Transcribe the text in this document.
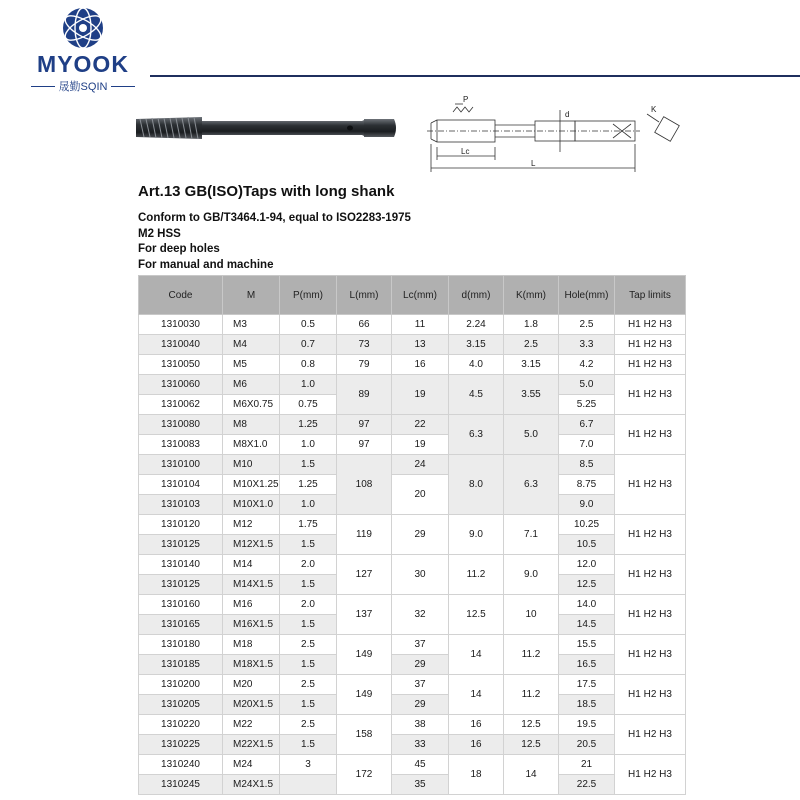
MYOOK
晟勤SQIN
P
d
K
Lc
L
Art.13 GB(ISO)Taps with long shank
Conform to GB/T3464.1-94, equal to ISO2283-1975
M2 HSS
For deep holes
For manual and machine
Code	M	P(mm)	L(mm)	Lc(mm)	d(mm)	K(mm)	Hole(mm)	Tap limits
1310030	M3	0.5	66	11	2.24	1.8	2.5	H1 H2 H3
1310040	M4	0.7	73	13	3.15	2.5	3.3	H1 H2 H3
1310050	M5	0.8	79	16	4.0	3.15	4.2	H1 H2 H3
1310060	M6	1.0	89	19	4.5	3.55	5.0	H1 H2 H3
1310062	M6X0.75	0.75					5.25	
1310080	M8	1.25	97	22	6.3	5.0	6.7	H1 H2 H3
1310083	M8X1.0	1.0	97	19			7.0	
1310100	M10	1.5	108	24	8.0	6.3	8.5	H1 H2 H3
1310104	M10X1.25	1.25		20			8.75	
1310103	M10X1.0	1.0					9.0	
1310120	M12	1.75	119	29	9.0	7.1	10.25	H1 H2 H3
1310125	M12X1.5	1.5					10.5	
1310140	M14	2.0	127	30	11.2	9.0	12.0	H1 H2 H3
1310125	M14X1.5	1.5					12.5	
1310160	M16	2.0	137	32	12.5	10	14.0	H1 H2 H3
1310165	M16X1.5	1.5					14.5	
1310180	M18	2.5	149	37	14	11.2	15.5	H1 H2 H3
1310185	M18X1.5	1.5		29			16.5	
1310200	M20	2.5	149	37	14	11.2	17.5	H1 H2 H3
1310205	M20X1.5	1.5		29			18.5	
1310220	M22	2.5	158	38	16	12.5	19.5	H1 H2 H3
1310225	M22X1.5	1.5		33	16	12.5	20.5	
1310240	M24	3	172	45	18	14	21	H1 H2 H3
1310245	M24X1.5			35			22.5	
